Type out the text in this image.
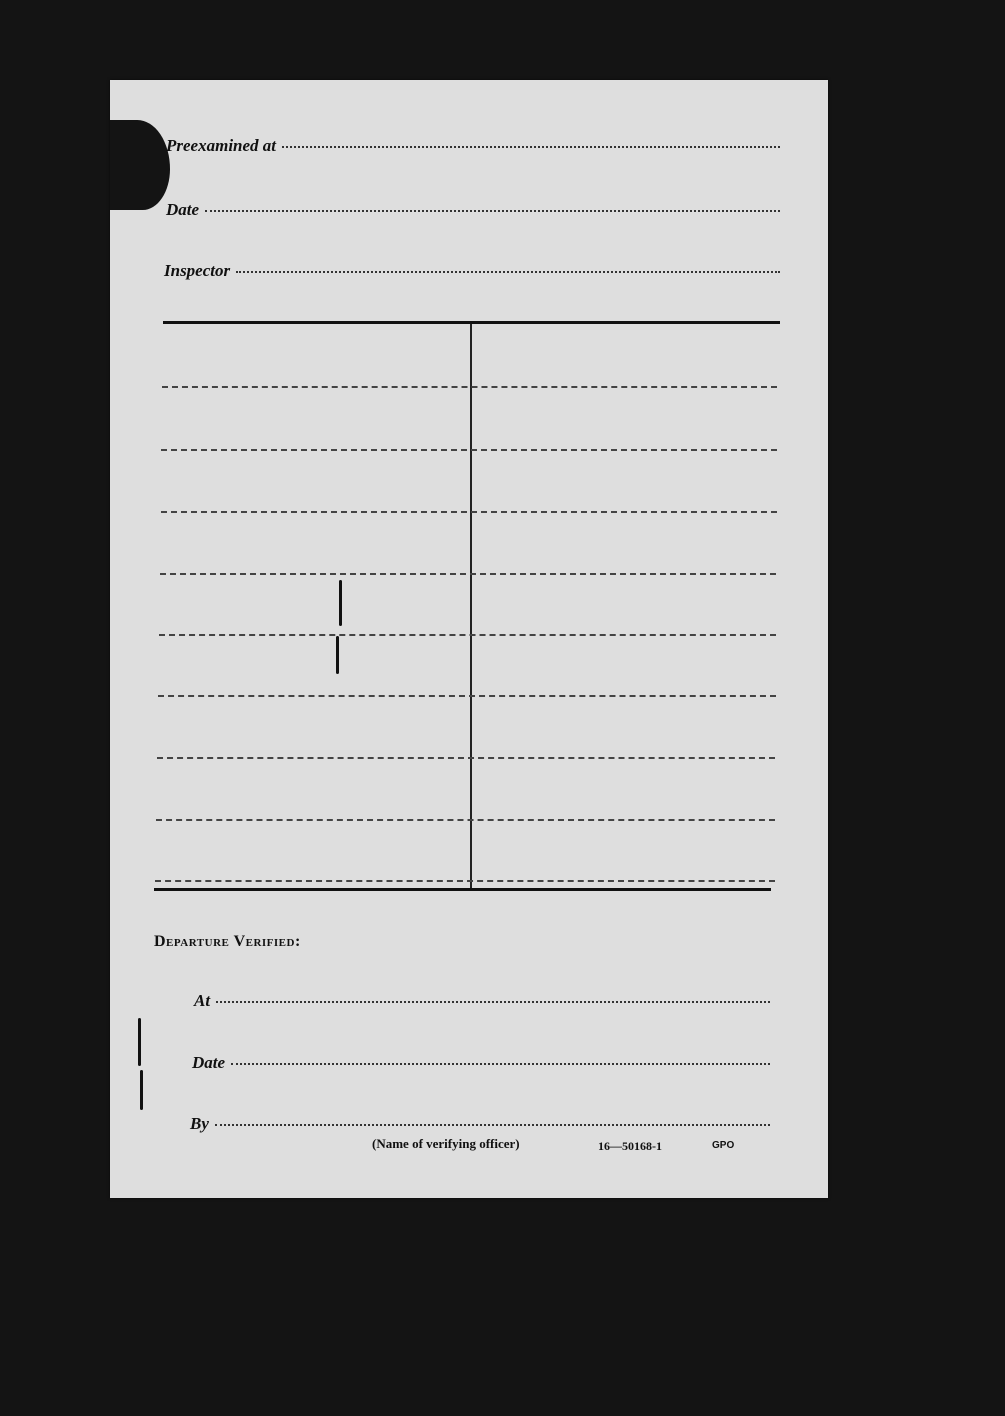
Preexamined at
Date
Inspector
Departure Verified:
At
Date
By
(Name of verifying officer)	16—50168-1	GPO
